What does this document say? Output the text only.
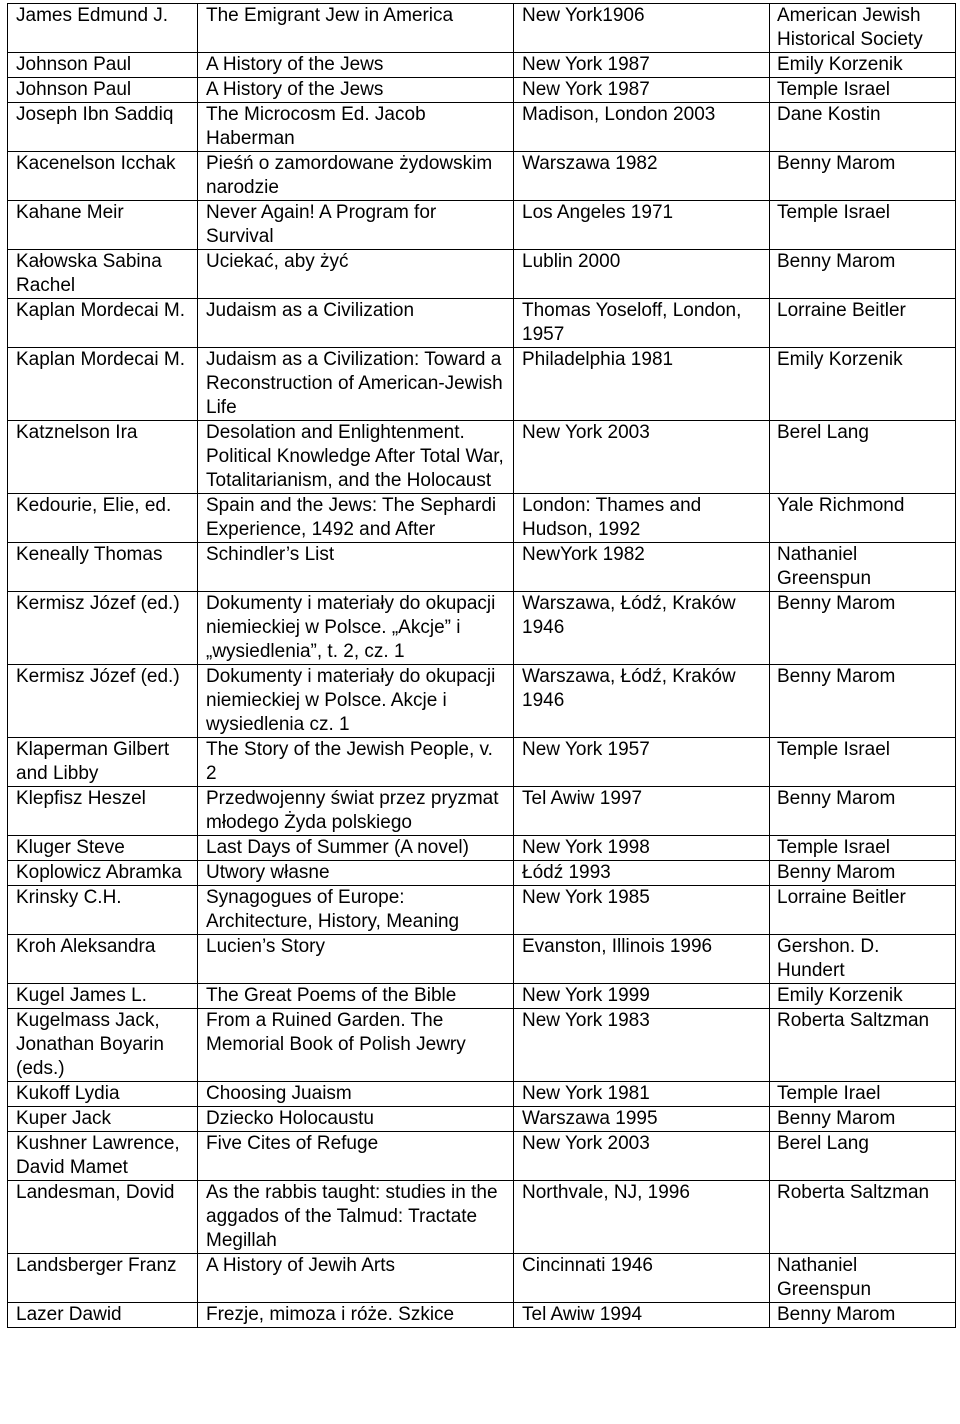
James Edmund J.	The Emigrant Jew in America	New York1906	American Jewish Historical Society
Johnson Paul	A History of the Jews	New York 1987	Emily Korzenik
Johnson Paul	A History of the Jews	New York 1987	Temple Israel
Joseph Ibn Saddiq	The Microcosm Ed. Jacob Haberman	Madison, London 2003	Dane Kostin
Kacenelson Icchak	Pieśń o zamordowane żydowskim narodzie	Warszawa 1982	Benny Marom
Kahane Meir	Never Again! A Program for Survival	Los Angeles 1971	Temple Israel
Kałowska Sabina Rachel	Uciekać, aby żyć	Lublin 2000	Benny Marom
Kaplan Mordecai M.	Judaism as a Civilization	Thomas Yoseloff, London, 1957	Lorraine Beitler
Kaplan Mordecai M.	Judaism as a Civilization: Toward a Reconstruction of American-Jewish Life	Philadelphia 1981	Emily Korzenik
Katznelson Ira	Desolation and Enlightenment. Political Knowledge After Total War, Totalitarianism, and the Holocaust	New York 2003	Berel Lang
Kedourie, Elie, ed.	Spain and the Jews: The Sephardi Experience, 1492 and After	London: Thames and Hudson, 1992	Yale Richmond
Keneally Thomas	Schindler’s List	NewYork 1982	Nathaniel Greenspun
Kermisz Józef (ed.)	Dokumenty i materiały do okupacji niemieckiej w Polsce. „Akcje” i „wysiedlenia”, t. 2, cz. 1	Warszawa, Łódź, Kraków 1946	Benny Marom
Kermisz Józef (ed.)	Dokumenty i materiały do okupacji niemieckiej w Polsce. Akcje i wysiedlenia cz. 1	Warszawa, Łódź, Kraków 1946	Benny Marom
Klaperman Gilbert and Libby	The Story of the Jewish People, v. 2	New York 1957	Temple Israel
Klepfisz Heszel	Przedwojenny świat przez pryzmat młodego Żyda polskiego	Tel Awiw 1997	Benny Marom
Kluger Steve	Last Days of Summer (A novel)	New York 1998	Temple Israel
Koplowicz Abramka	Utwory własne	Łódź 1993	Benny Marom
Krinsky C.H.	Synagogues of Europe: Architecture, History, Meaning	New York 1985	Lorraine Beitler
Kroh Aleksandra	Lucien’s Story	Evanston, Illinois 1996	Gershon. D. Hundert
Kugel James L.	The Great Poems of the Bible	New York 1999	Emily Korzenik
Kugelmass Jack, Jonathan Boyarin (eds.)	From a Ruined Garden. The Memorial Book of Polish Jewry	New York 1983	Roberta Saltzman
Kukoff Lydia	Choosing Juaism	New York 1981	Temple Irael
Kuper Jack	Dziecko Holocaustu	Warszawa 1995	Benny Marom
Kushner Lawrence, David Mamet	Five Cites of Refuge	New York 2003	Berel Lang
Landesman, Dovid	As the rabbis taught: studies in the aggados of the Talmud: Tractate Megillah	Northvale, NJ, 1996	Roberta Saltzman
Landsberger Franz	A History of Jewih Arts	Cincinnati 1946	Nathaniel Greenspun
Lazer Dawid	Frezje, mimoza i róże. Szkice	Tel Awiw 1994	Benny Marom
